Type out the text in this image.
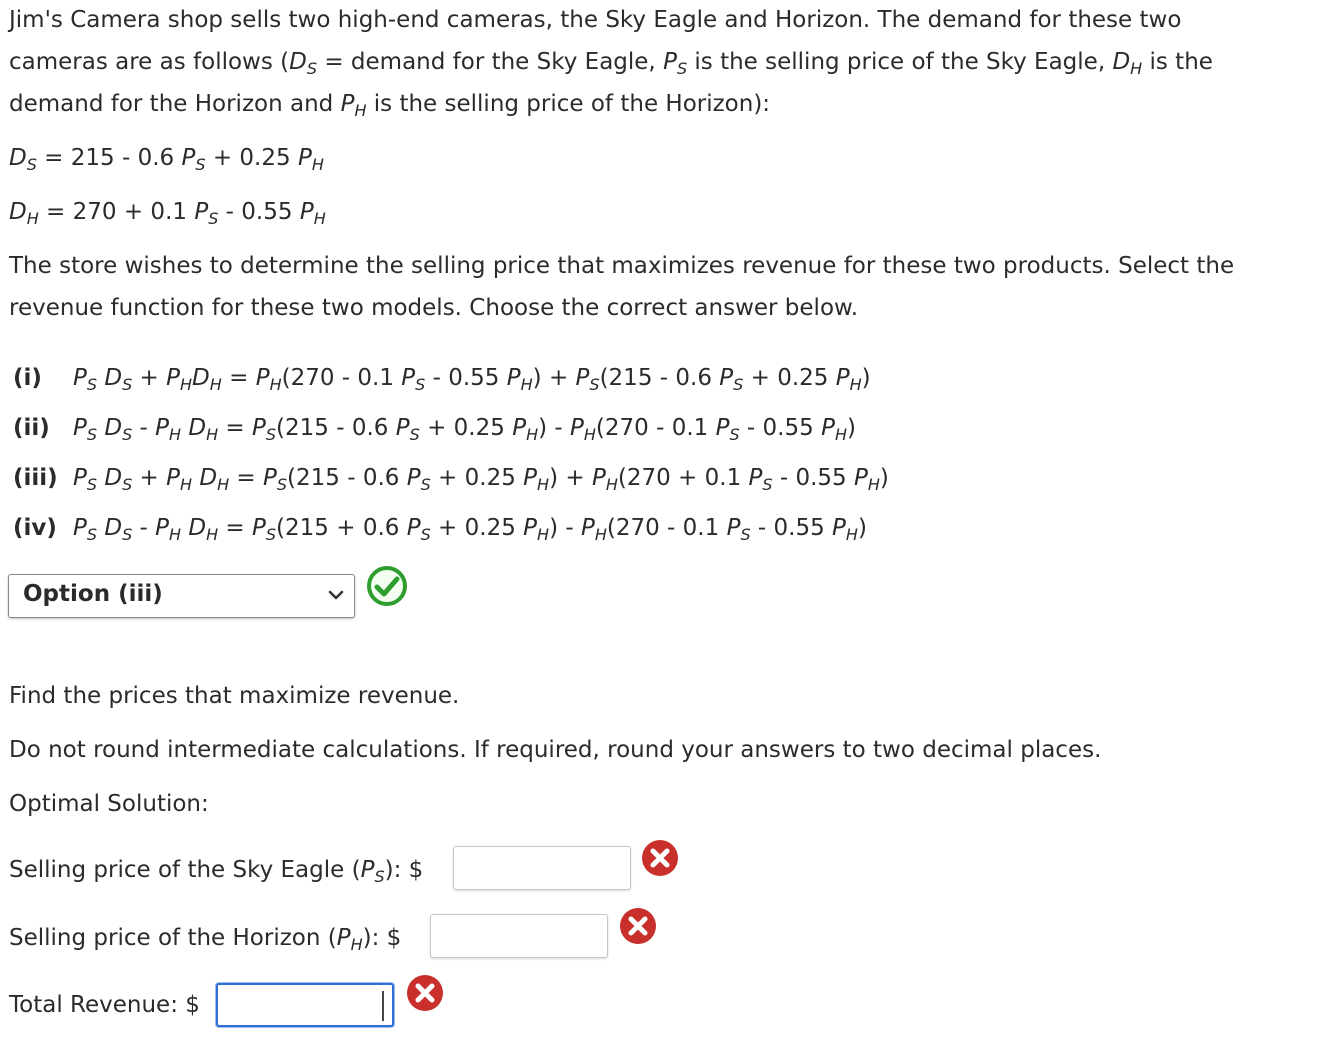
Jim's Camera shop sells two high-end cameras, the Sky Eagle and Horizon. The demand for these two
cameras are as follows ($D_S$ = demand for the Sky Eagle, $P_S$ is the selling price of the Sky Eagle, $D_H$ is the
demand for the Horizon and $P_H$ is the selling price of the Horizon):
$D_S = 215 - 0.6$ $P_S + 0.25$ $P_H$
$D_H = 270 + 0.1$ $P_S - 0.55$ $P_H$
The store wishes to determine the selling price that maximizes revenue for these two products. Select the
revenue function for these two models. Choose the correct answer below.
(i) $P_S$ $D_S + P_HD_H = P_H(270 - 0.1$ $P_S - 0.55$ $P_H) + P_S(215 - 0.6$ $P_S + 0.25$ $P_H$)
(ii) $P_S$ $D_S - P_H$ $D_H = P_S(215 - 0.6$ $P_S + 0.25$ $P_H) - P_H(270 - 0.1$ $P_S - 0.55$ $P_H$)
(iii) $P_S$ $D_S + P_H$ $D_H = P_S(215 - 0.6$ $P_S + 0.25$ $P_H) + P_H(270 + 0.1$ $P_S - 0.55$ $P_H$)
(iv) $P_S$ $D_S - P_H$ $D_H = P_S(215 + 0.6$ $P_S + 0.25$ $P_H) - P_H(270 - 0.1$ $P_S - 0.55$ $P_H$)
Option (iii)
Find the prices that maximize revenue.
Do not round intermediate calculations. If required, round your answers to two decimal places.
Optimal Solution:
Selling price of the Sky Eagle $(P_S)$: $
Selling price of the Horizon $(P_H)$: $
Total Revenue: $
